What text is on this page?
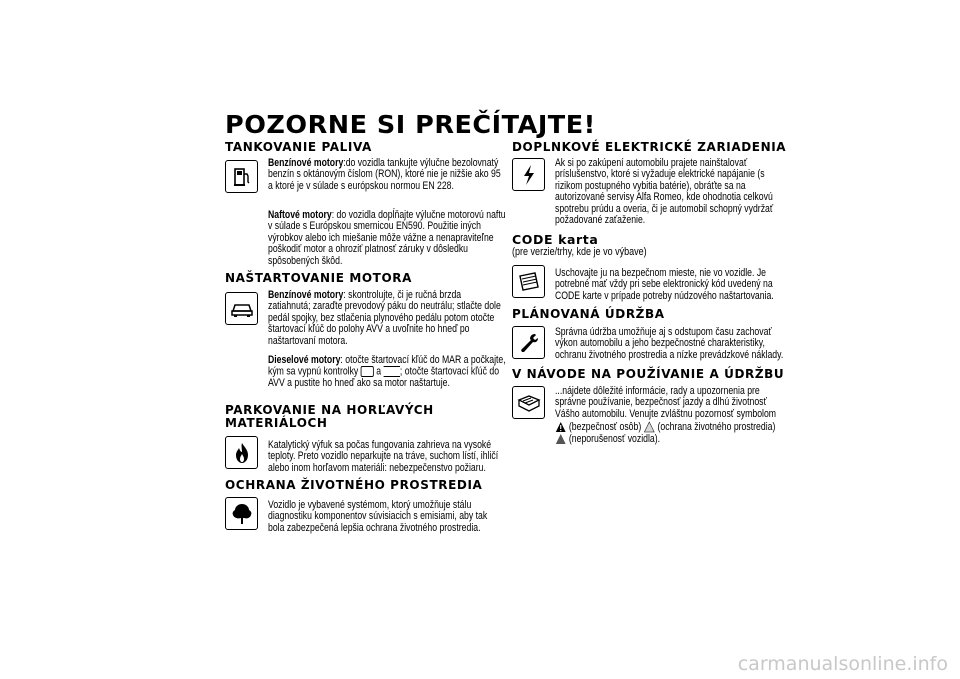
POZORNE SI PREČÍTAJTE!
TANKOVANIE PALIVA
Benzínové motory:do vozidla tankujte výlučne bezolovnatý benzín s oktánovým číslom (RON), ktoré nie je nižšie ako 95 a ktoré je v súlade s európskou normou EN 228.
Naftové motory: do vozidla dopĺňajte výlučne motorovú naftu v súlade s Európskou smernicou EN590. Použitie iných výrobkov alebo ich miešanie môže vážne a nenapraviteľne poškodiť motor a ohroziť platnosť záruky v dôsledku spôsobených škôd.
NAŠTARTOVANIE MOTORA
Benzínové motory: skontrolujte, či je ručná brzda zatiahnutá; zaraďte prevodový páku do neutrálu; stlačte dole pedál spojky, bez stlačenia plynového pedálu potom otočte štartovací kľúč do polohy AVV a uvoľnite ho hneď po naštartovaní motora.
Dieselové motory: otočte štartovací kľúč do MAR a počkajte, kým sa vypnú kontrolky a ; otočte štartovací kľúč do AVV a pustite ho hneď ako sa motor naštartuje.
PARKOVANIE NA HORĽAVÝCH
MATERIÁLOCH
Katalytický výfuk sa počas fungovania zahrieva na vysoké teploty. Preto vozidlo neparkujte na tráve, suchom lístí, ihličí alebo inom horľavom materiáli: nebezpečenstvo požiaru.
OCHRANA ŽIVOTNÉHO PROSTREDIA
Vozidlo je vybavené systémom, ktorý umožňuje stálu diagnostiku komponentov súvisiacich s emisiami, aby tak bola zabezpečená lepšia ochrana životného prostredia.
DOPLNKOVÉ ELEKTRICKÉ ZARIADENIA
Ak si po zakúpení automobilu prajete nainštalovať príslušenstvo, ktoré si vyžaduje elektrické napájanie (s rizikom postupného vybitia batérie), obráťte sa na autorizované servisy Alfa Romeo, kde ohodnotia celkovú spotrebu prúdu a overia, či je automobil schopný vydržať požadované zaťaženie.
CODE karta
(pre verzie/trhy, kde je vo výbave)
Uschovajte ju na bezpečnom mieste, nie vo vozidle. Je potrebné mať vždy pri sebe elektronický kód uvedený na CODE karte v prípade potreby núdzového naštartovania.
PLÁNOVANÁ ÚDRŽBA
Správna údržba umožňuje aj s odstupom času zachovať výkon automobilu a jeho bezpečnostné charakteristiky, ochranu životného prostredia a nízke prevádzkové náklady.
V NÁVODE NA POUŽÍVANIE A ÚDRŽBU
...nájdete dôležité informácie, rady a upozornenia pre správne používanie, bezpečnosť jazdy a dlhú životnosť Vášho automobilu. Venujte zvláštnu pozornosť symbolom
(bezpečnosť osôb) (ochrana životného prostredia)
(neporušenosť vozidla).
carmanualsonline.info
